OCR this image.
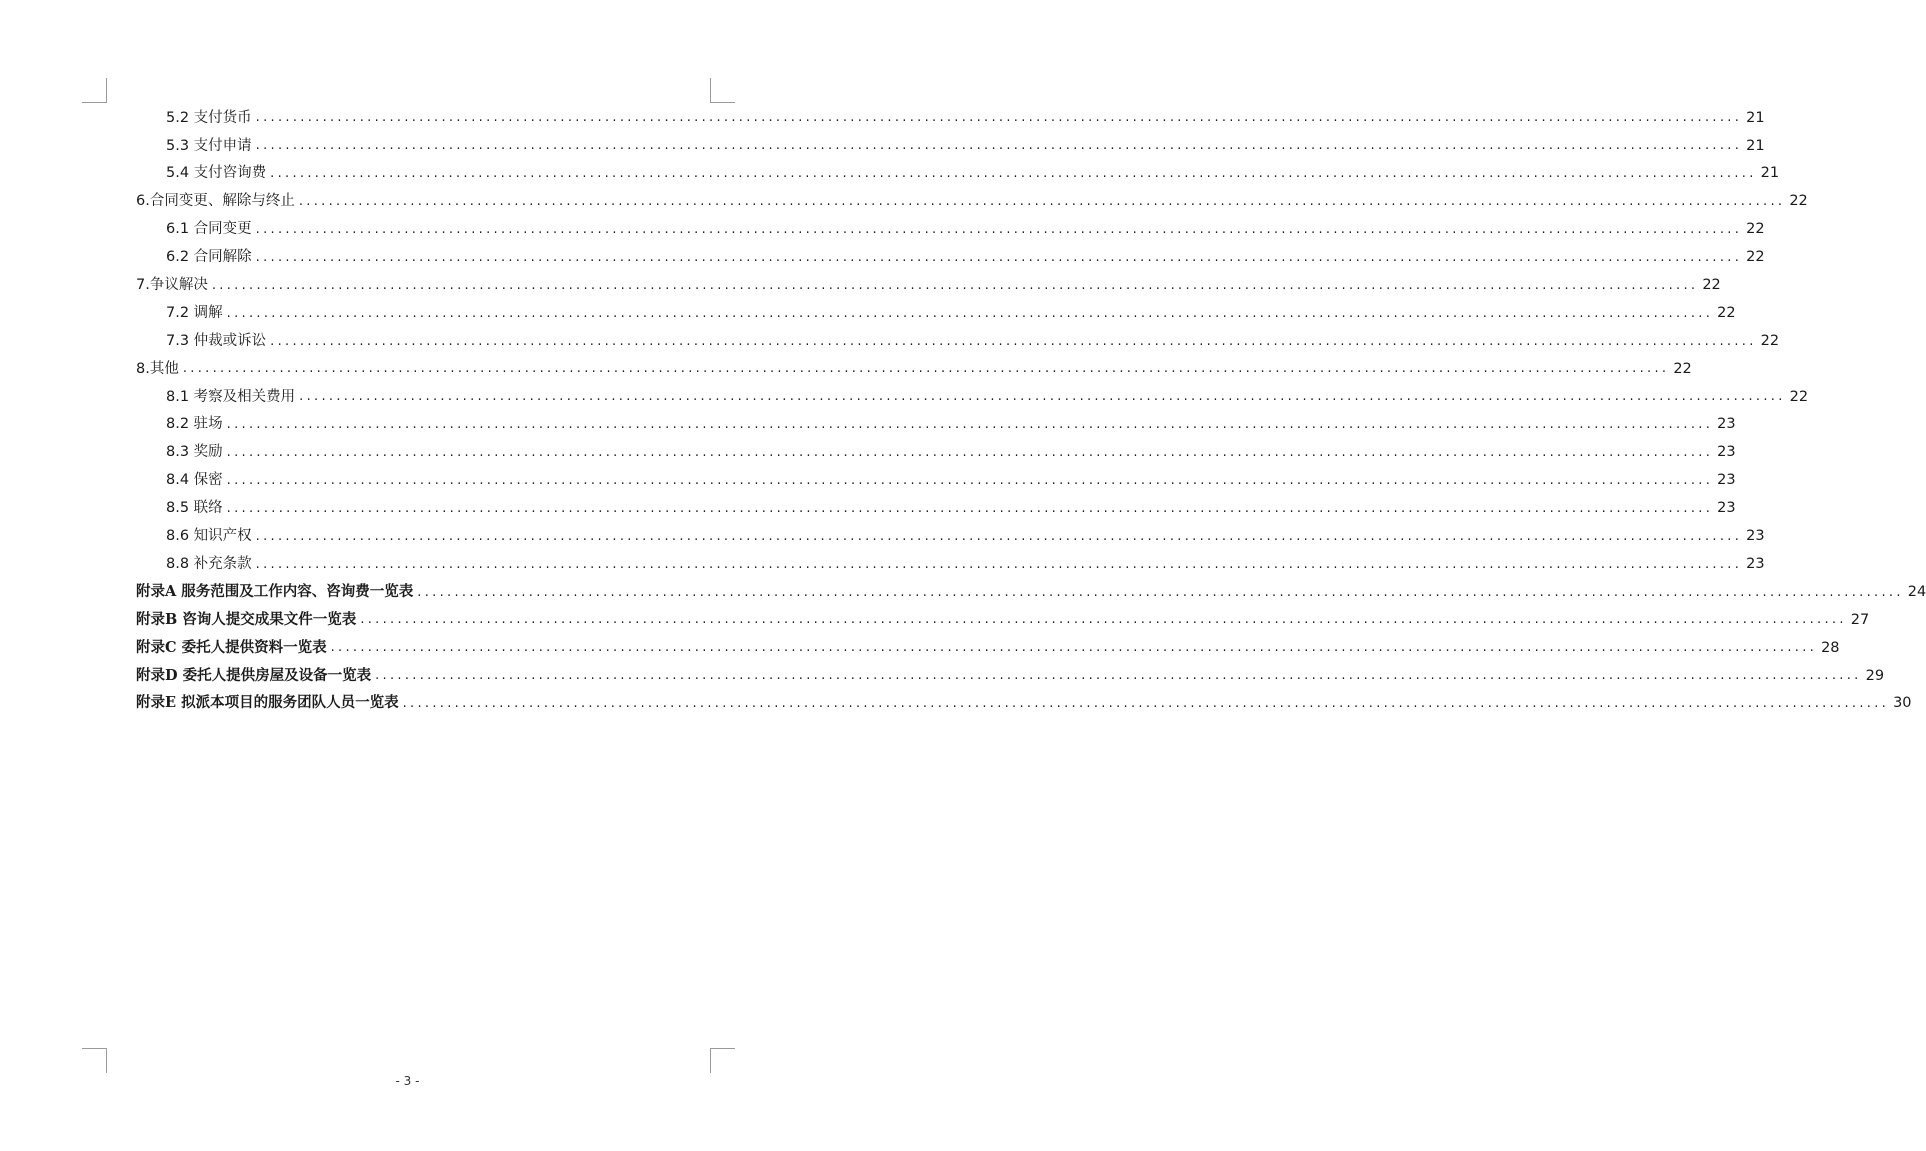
5.2 支付货币 ........................................................................................................................................................................................................ 21
5.3 支付申请 ........................................................................................................................................................................................................ 21
5.4 支付咨询费 ........................................................................................................................................................................................................ 21
6.合同变更、解除与终止 ........................................................................................................................................................................................................ 22
6.1 合同变更 ........................................................................................................................................................................................................ 22
6.2 合同解除 ........................................................................................................................................................................................................ 22
7.争议解决 ........................................................................................................................................................................................................ 22
7.2 调解 ........................................................................................................................................................................................................ 22
7.3 仲裁或诉讼 ........................................................................................................................................................................................................ 22
8.其他 ........................................................................................................................................................................................................ 22
8.1 考察及相关费用 ........................................................................................................................................................................................................ 22
8.2 驻场 ........................................................................................................................................................................................................ 23
8.3 奖励 ........................................................................................................................................................................................................ 23
8.4 保密 ........................................................................................................................................................................................................ 23
8.5 联络 ........................................................................................................................................................................................................ 23
8.6 知识产权 ........................................................................................................................................................................................................ 23
8.8 补充条款 ........................................................................................................................................................................................................ 23
附录A 服务范围及工作内容、咨询费一览表 ........................................................................................................................................................................................................ 24
附录B 咨询人提交成果文件一览表 ........................................................................................................................................................................................................ 27
附录C 委托人提供资料一览表 ........................................................................................................................................................................................................ 28
附录D 委托人提供房屋及设备一览表 ........................................................................................................................................................................................................ 29
附录E 拟派本项目的服务团队人员一览表 ........................................................................................................................................................................................................ 30
- 3 -
